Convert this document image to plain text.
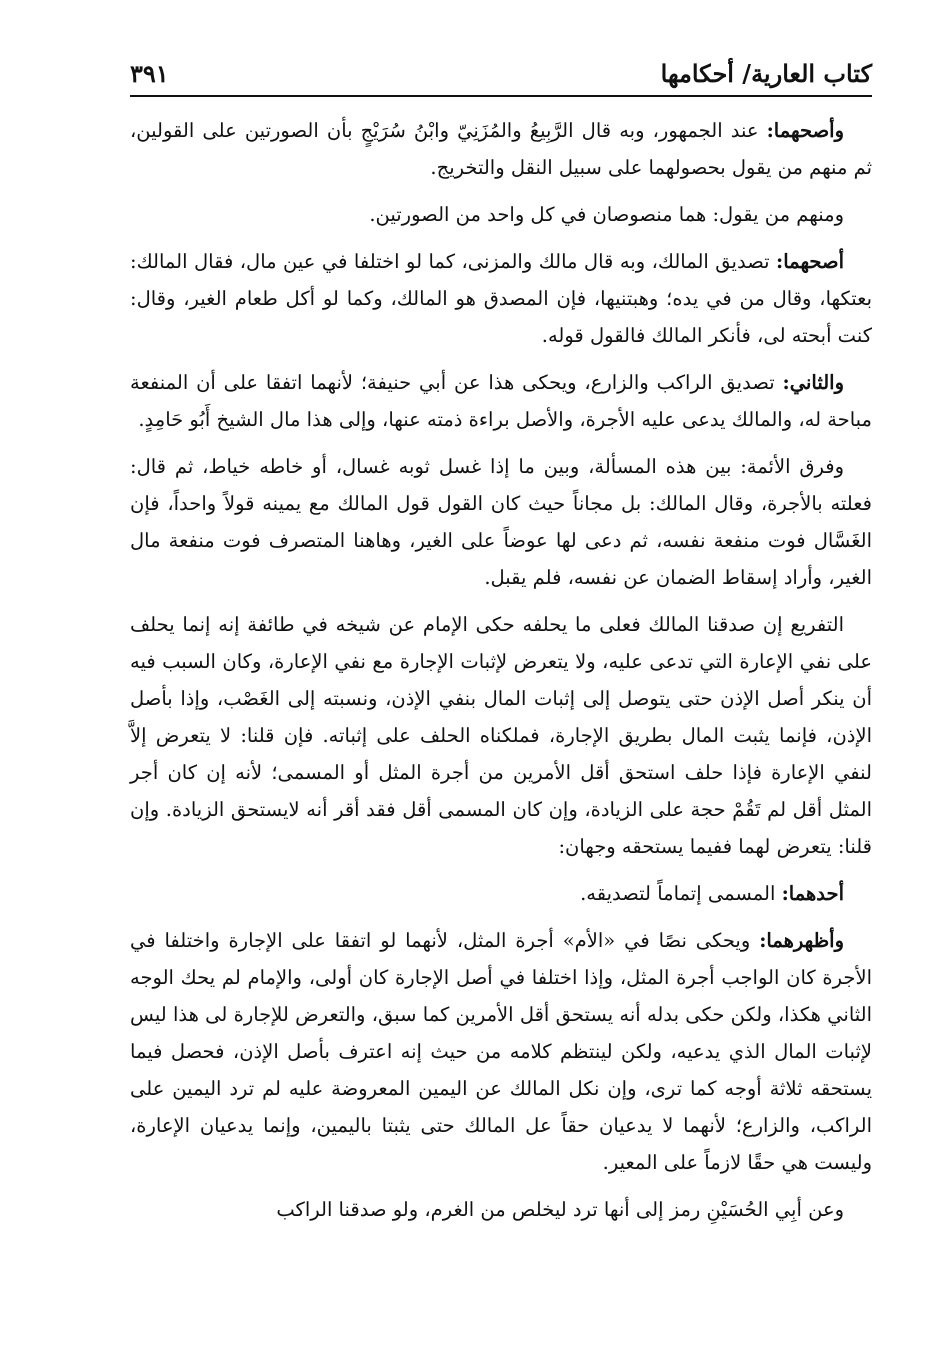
كتاب العارية/ أحكامها
٣٩١

وأصحهما: عند الجمهور، وبه قال الرَّبِيعُ والمُزَنِيّ وابْنُ سُرَيْجٍ بأن الصورتين على القولين، ثم منهم من يقول بحصولهما على سبيل النقل والتخريج.

ومنهم من يقول: هما منصوصان في كل واحد من الصورتين.

أصحهما: تصديق المالك، وبه قال مالك والمزنى، كما لو اختلفا في عين مال، فقال المالك: بعتكها، وقال من في يده؛ وهبتنيها، فإن المصدق هو المالك، وكما لو أكل طعام الغير، وقال: كنت أبحته لى، فأنكر المالك فالقول قوله.

والثاني: تصديق الراكب والزارع، ويحكى هذا عن أبي حنيفة؛ لأنهما اتفقا على أن المنفعة مباحة له، والمالك يدعى عليه الأجرة، والأصل براءة ذمته عنها، وإلى هذا مال الشيخ أَبُو حَامِدٍ.

وفرق الأئمة: بين هذه المسألة، وبين ما إذا غسل ثوبه غسال، أو خاطه خياط، ثم قال: فعلته بالأجرة، وقال المالك: بل مجاناً حيث كان القول قول المالك مع يمينه قولاً واحداً، فإن الغَسَّال فوت منفعة نفسه، ثم دعى لها عوضاً على الغير، وهاهنا المتصرف فوت منفعة مال الغير، وأراد إسقاط الضمان عن نفسه، فلم يقبل.

التفريع إن صدقنا المالك فعلى ما يحلفه حكى الإمام عن شيخه في طائفة إنه إنما يحلف على نفي الإعارة التي تدعى عليه، ولا يتعرض لإثبات الإجارة مع نفي الإعارة، وكان السبب فيه أن ينكر أصل الإذن حتى يتوصل إلى إثبات المال بنفي الإذن، ونسبته إلى الغَصْب، وإذا بأصل الإذن، فإنما يثبت المال بطريق الإجارة، فملكناه الحلف على إثباته. فإن قلنا: لا يتعرض إلاَّ لنفي الإعارة فإذا حلف استحق أقل الأمرين من أجرة المثل أو المسمى؛ لأنه إن كان أجر المثل أقل لم تَقُمْ حجة على الزيادة، وإن كان المسمى أقل فقد أقر أنه لايستحق الزيادة. وإن قلنا: يتعرض لهما ففيما يستحقه وجهان:

أحدهما: المسمى إتماماً لتصديقه.

وأظهرهما: ويحكى نصًا في «الأم» أجرة المثل، لأنهما لو اتفقا على الإجارة واختلفا في الأجرة كان الواجب أجرة المثل، وإذا اختلفا في أصل الإجارة كان أولى، والإمام لم يحك الوجه الثاني هكذا، ولكن حكى بدله أنه يستحق أقل الأمرين كما سبق، والتعرض للإجارة لى هذا ليس لإثبات المال الذي يدعيه، ولكن لينتظم كلامه من حيث إنه اعترف بأصل الإذن، فحصل فيما يستحقه ثلاثة أوجه كما ترى، وإن نكل المالك عن اليمين المعروضة عليه لم ترد اليمين على الراكب، والزارع؛ لأنهما لا يدعيان حقاً عل المالك حتى يثبتا باليمين، وإنما يدعيان الإعارة، وليست هي حقًا لازماً على المعير.

وعن أبِي الحُسَيْنِ رمز إلى أنها ترد ليخلص من الغرم، ولو صدقنا الراكب
